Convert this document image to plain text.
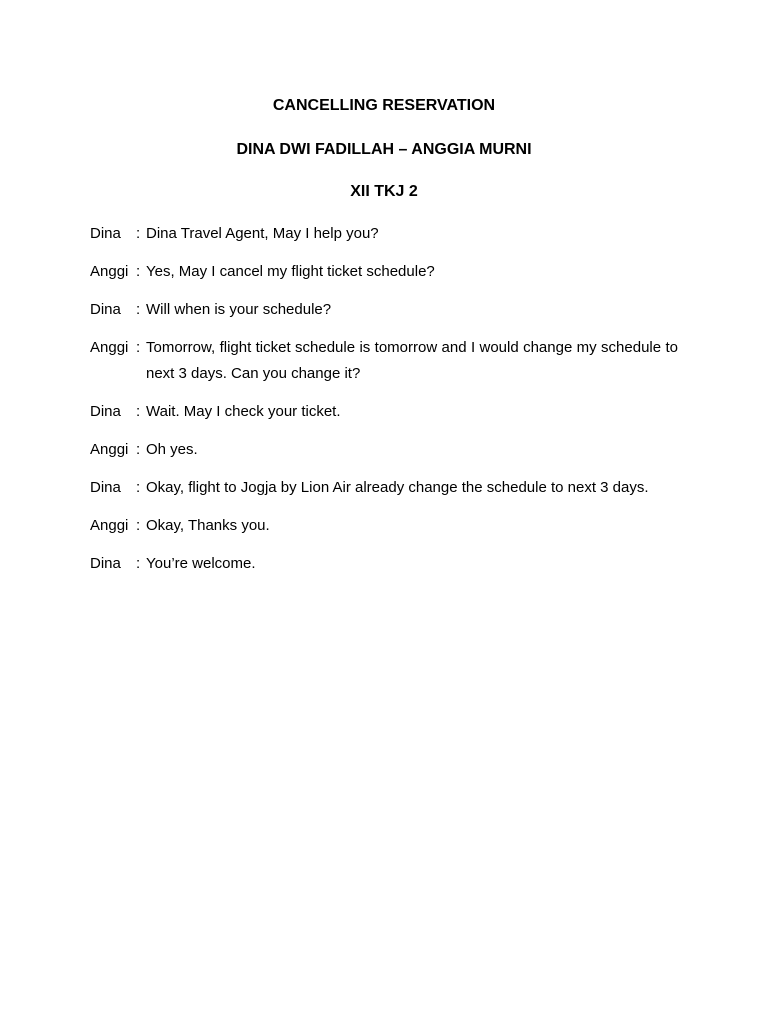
CANCELLING RESERVATION
DINA DWI FADILLAH – ANGGIA MURNI
XII TKJ 2
Dina	: Dina Travel Agent, May I help you?
Anggi : Yes, May I cancel my flight ticket schedule?
Dina	: Will when is your schedule?
Anggi : Tomorrow, flight ticket schedule is tomorrow and I would change my schedule to next 3 days. Can you change it?
Dina	: Wait. May I check your ticket.
Anggi : Oh yes.
Dina	: Okay, flight to Jogja by Lion Air already change the schedule to next 3 days.
Anggi : Okay, Thanks you.
Dina	: You’re welcome.
